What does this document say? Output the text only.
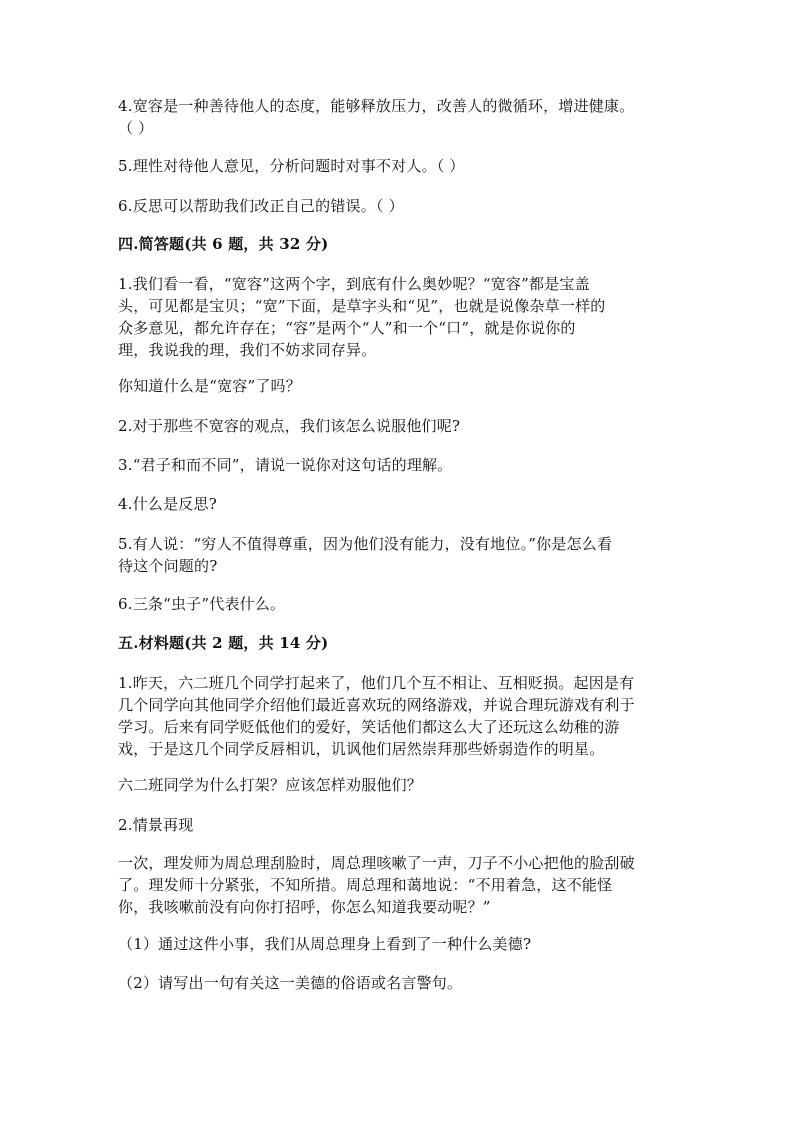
4.宽容是一种善待他人的态度，能够释放压力，改善人的微循环，增进健康。
（ ）
5.理性对待他人意见，分析问题时对事不对人。（ ）
6.反思可以帮助我们改正自己的错误。（ ）
四.简答题(共 6 题，共 32 分)
1.我们看一看，“宽容”这两个字，到底有什么奥妙呢？“宽容”都是宝盖
头，可见都是宝贝；“宽”下面，是草字头和“见”，也就是说像杂草一样的
众多意见，都允许存在；“容”是两个“人”和一个“口”，就是你说你的
理，我说我的理，我们不妨求同存异。
你知道什么是“宽容”了吗？
2.对于那些不宽容的观点，我们该怎么说服他们呢?
3.“君子和而不同”，请说一说你对这句话的理解。
4.什么是反思?
5.有人说：“穷人不值得尊重，因为他们没有能力，没有地位。”你是怎么看
待这个问题的?
6.三条“虫子”代表什么。
五.材料题(共 2 题，共 14 分)
1.昨天，六二班几个同学打起来了，他们几个互不相让、互相贬损。起因是有
几个同学向其他同学介绍他们最近喜欢玩的网络游戏，并说合理玩游戏有利于
学习。后来有同学贬低他们的爱好，笑话他们都这么大了还玩这么幼稚的游
戏，于是这几个同学反唇相讥，讥讽他们居然崇拜那些娇弱造作的明星。
六二班同学为什么打架？应该怎样劝服他们？
2.情景再现
一次，理发师为周总理刮脸时，周总理咳嗽了一声，刀子不小心把他的脸刮破
了。理发师十分紧张，不知所措。周总理和蔼地说：“不用着急，这不能怪
你，我咳嗽前没有向你打招呼，你怎么知道我要动呢？”
（1）通过这件小事，我们从周总理身上看到了一种什么美德?
（2）请写出一句有关这一美德的俗语或名言警句。
